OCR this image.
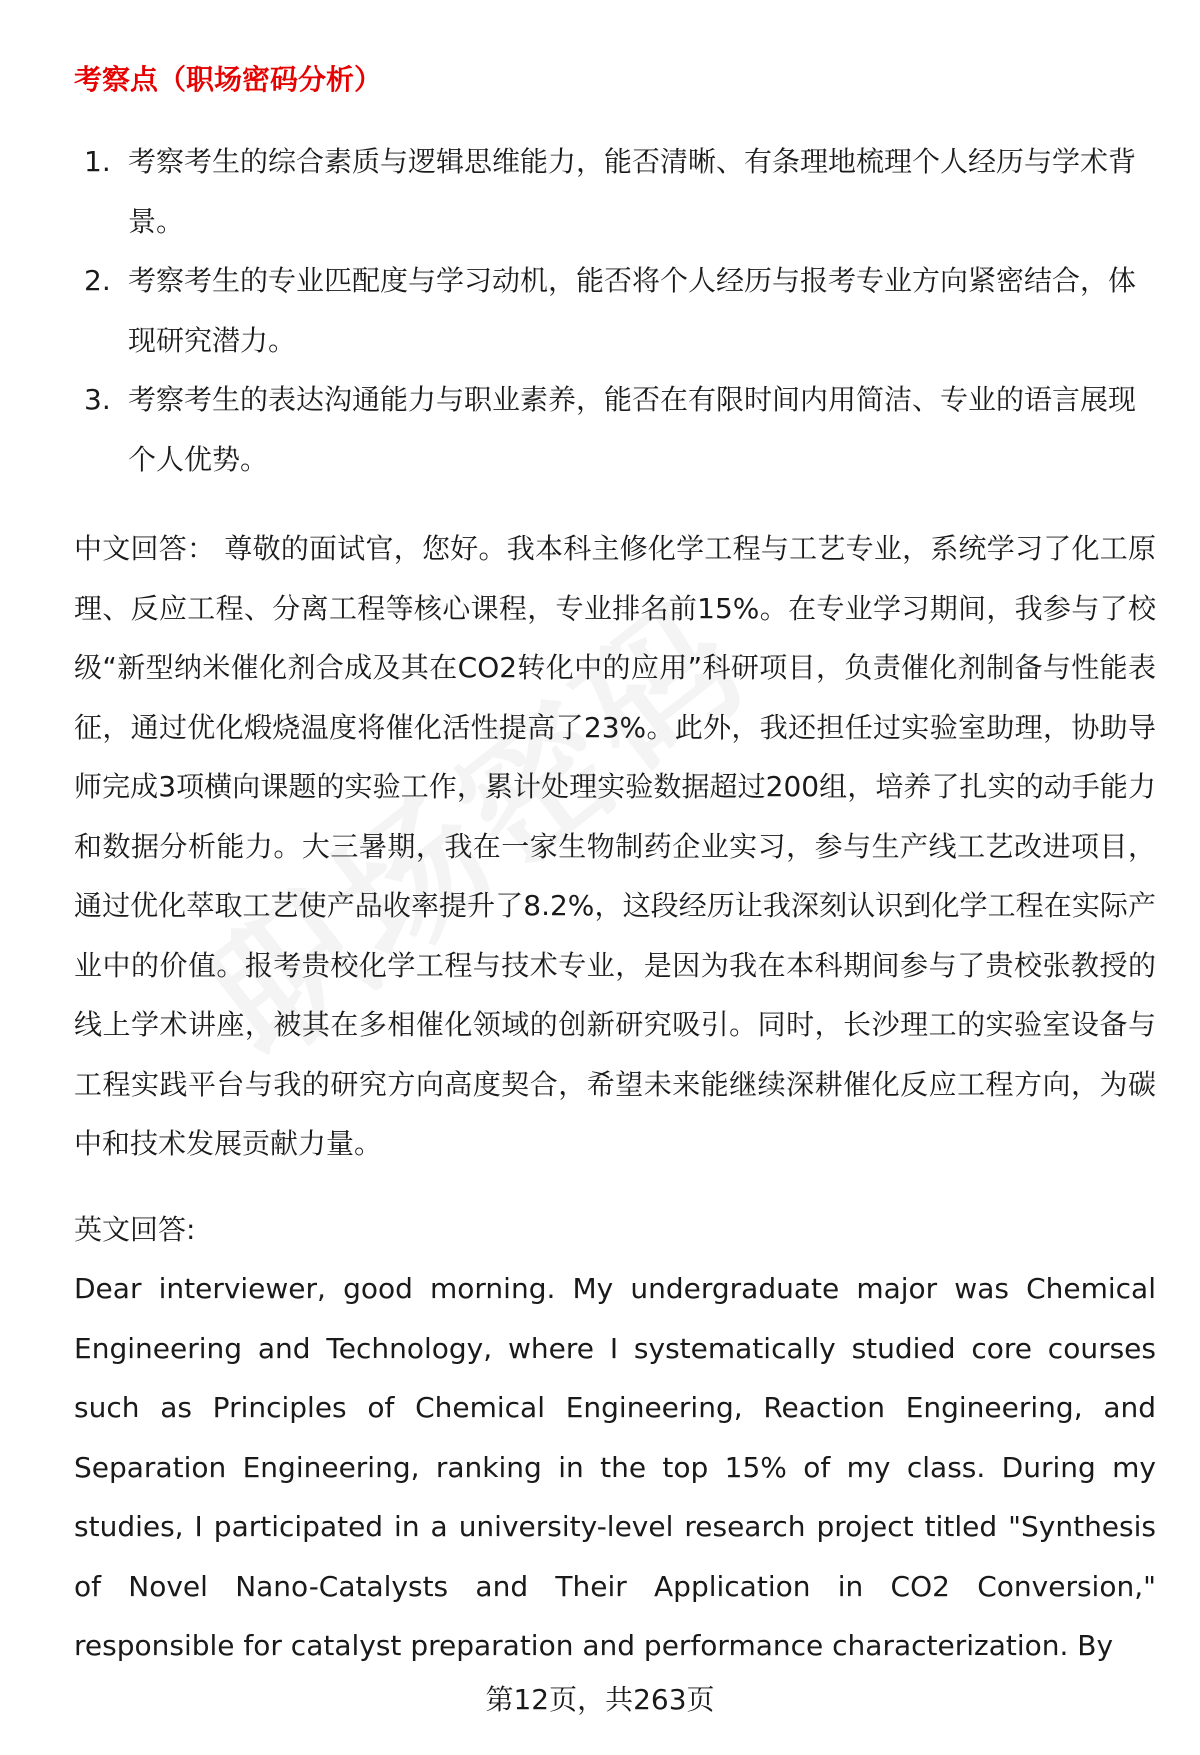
考察点（职场密码分析）
1. 考察考生的综合素质与逻辑思维能力，能否清晰、有条理地梳理个人经历与学术背景。
2. 考察考生的专业匹配度与学习动机，能否将个人经历与报考专业方向紧密结合，体现研究潜力。
3. 考察考生的表达沟通能力与职业素养，能否在有限时间内用简洁、专业的语言展现个人优势。
中文回答： 尊敬的面试官，您好。我本科主修化学工程与工艺专业，系统学习了化工原理、反应工程、分离工程等核心课程，专业排名前15%。在专业学习期间，我参与了校级“新型纳米催化剂合成及其在CO2转化中的应用”科研项目，负责催化剂制备与性能表征，通过优化煅烧温度将催化活性提高了23%。此外，我还担任过实验室助理，协助导师完成3项横向课题的实验工作，累计处理实验数据超过200组，培养了扎实的动手能力和数据分析能力。大三暑期，我在一家生物制药企业实习，参与生产线工艺改进项目，通过优化萃取工艺使产品收率提升了8.2%，这段经历让我深刻认识到化学工程在实际产业中的价值。报考贵校化学工程与技术专业，是因为我在本科期间参与了贵校张教授的线上学术讲座，被其在多相催化领域的创新研究吸引。同时，长沙理工的实验室设备与工程实践平台与我的研究方向高度契合，希望未来能继续深耕催化反应工程方向，为碳中和技术发展贡献力量。
英文回答:
Dear interviewer, good morning. My undergraduate major was Chemical Engineering and Technology, where I systematically studied core courses such as Principles of Chemical Engineering, Reaction Engineering, and Separation Engineering, ranking in the top 15% of my class. During my studies, I participated in a university-level research project titled "Synthesis of Novel Nano-Catalysts and Their Application in CO2 Conversion," responsible for catalyst preparation and performance characterization. By
第12页，共263页
